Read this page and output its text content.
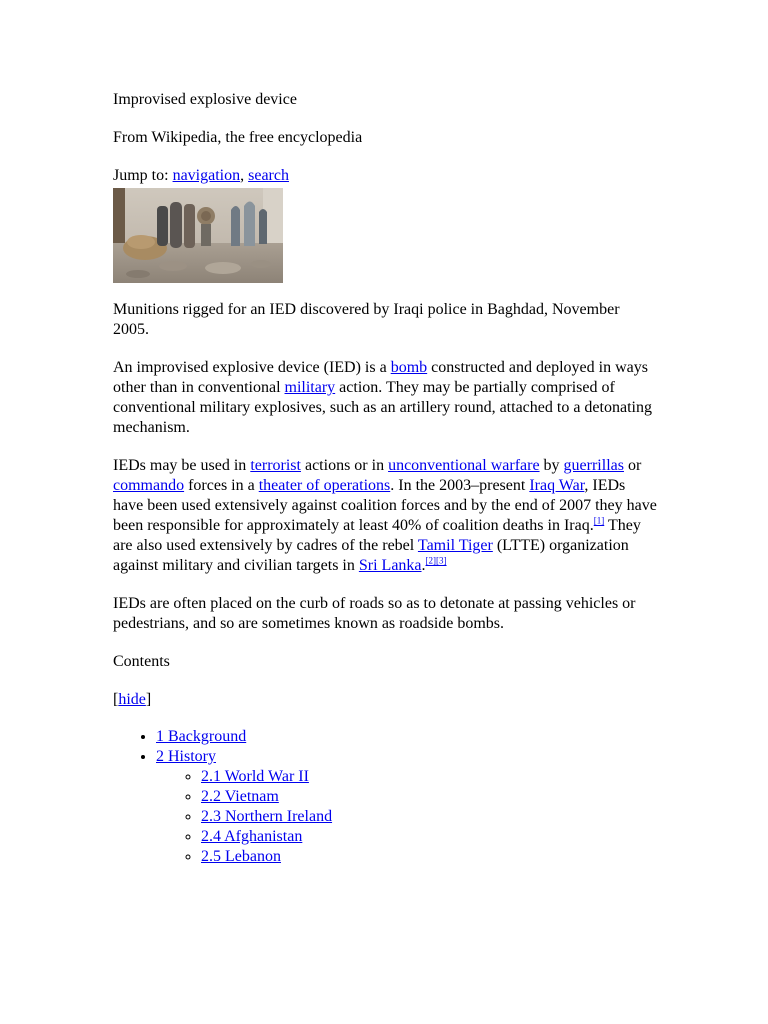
Improvised explosive device

From Wikipedia, the free encyclopedia

Jump to: navigation, search

Munitions rigged for an IED discovered by Iraqi police in Baghdad, November 2005.

An improvised explosive device (IED) is a bomb constructed and deployed in ways other than in conventional military action. They may be partially comprised of conventional military explosives, such as an artillery round, attached to a detonating mechanism.

IEDs may be used in terrorist actions or in unconventional warfare by guerrillas or commando forces in a theater of operations. In the 2003–present Iraq War, IEDs have been used extensively against coalition forces and by the end of 2007 they have been responsible for approximately at least 40% of coalition deaths in Iraq.[1] They are also used extensively by cadres of the rebel Tamil Tiger (LTTE) organization against military and civilian targets in Sri Lanka.[2][3]

IEDs are often placed on the curb of roads so as to detonate at passing vehicles or pedestrians, and so are sometimes known as roadside bombs.

Contents

[hide]

• 1 Background
• 2 History
◦ 2.1 World War II
◦ 2.2 Vietnam
◦ 2.3 Northern Ireland
◦ 2.4 Afghanistan
◦ 2.5 Lebanon
